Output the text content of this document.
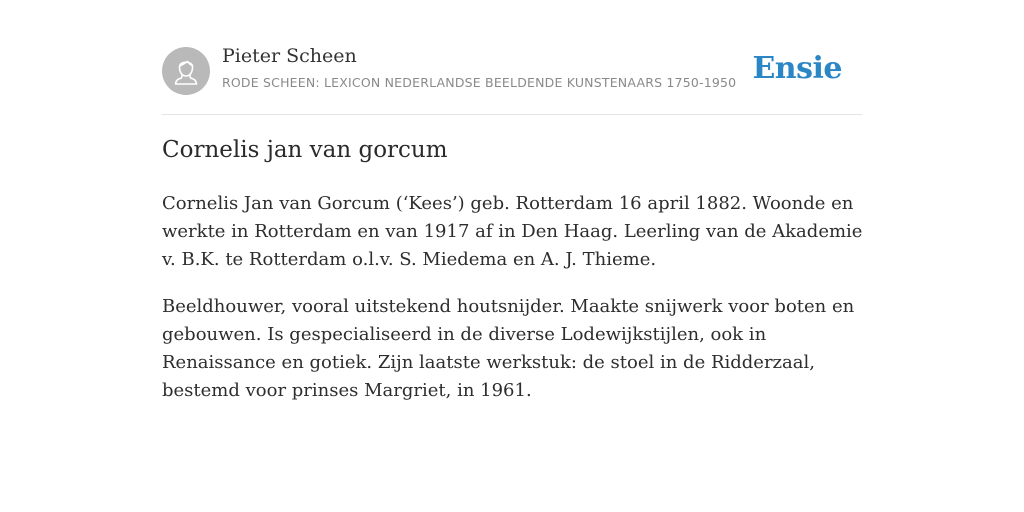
Pieter Scheen
RODE SCHEEN: LEXICON NEDERLANDSE BEELDENDE KUNSTENAARS 1750-1950 Ensie
Cornelis jan van gorcum

Cornelis Jan van Gorcum (‘Kees’) geb. Rotterdam 16 april 1882. Woonde en werkte in Rotterdam en van 1917 af in Den Haag. Leerling van de Akademie v. B.K. te Rotterdam o.l.v. S. Miedema en A. J. Thieme.

Beeldhouwer, vooral uitstekend houtsnijder. Maakte snijwerk voor boten en gebouwen. Is gespecialiseerd in de diverse Lodewijkstijlen, ook in Renaissance en gotiek. Zijn laatste werkstuk: de stoel in de Ridderzaal, bestemd voor prinses Margriet, in 1961.
